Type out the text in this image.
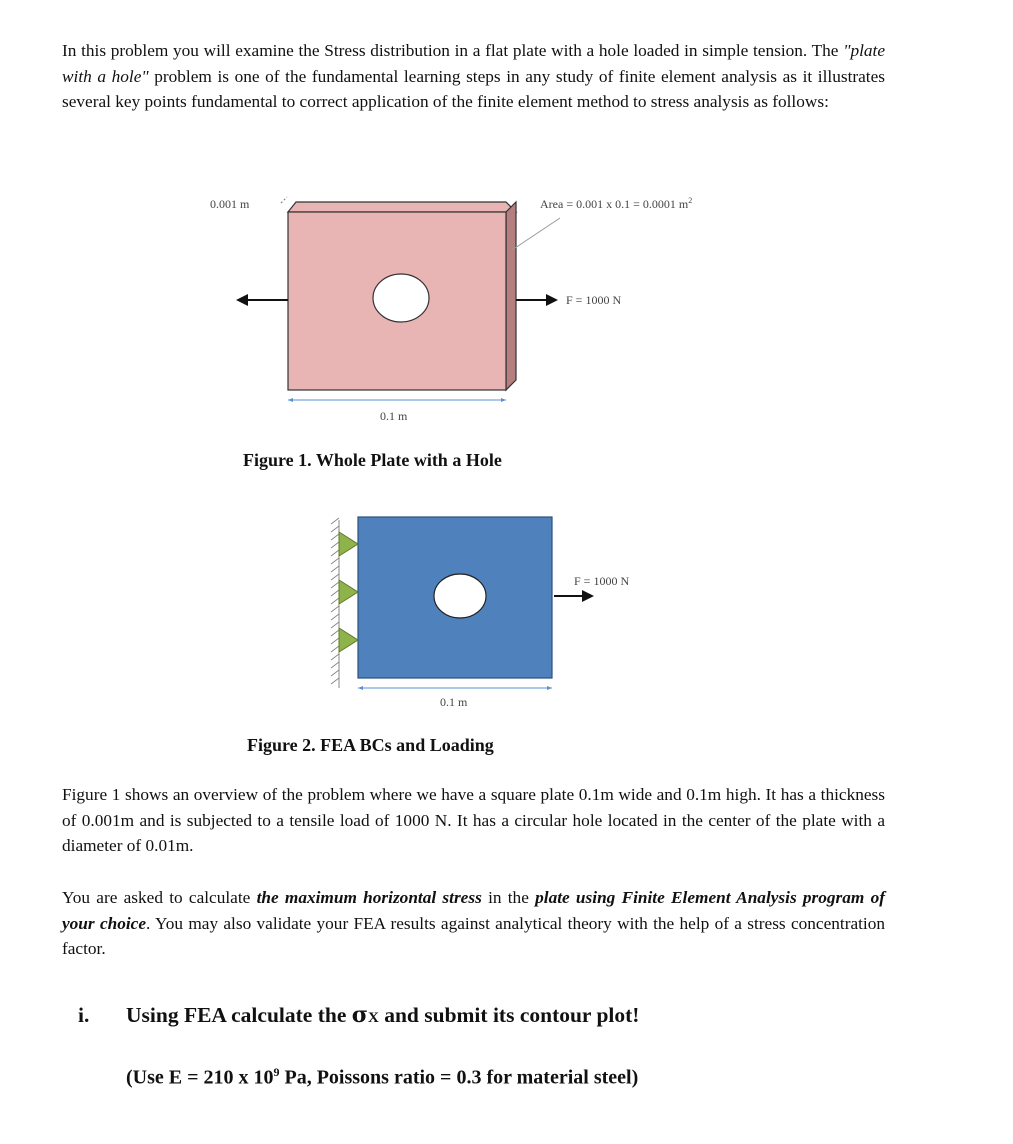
In this problem you will examine the Stress distribution in a flat plate with a hole loaded in simple tension. The "plate with a hole" problem is one of the fundamental learning steps in any study of finite element analysis as it illustrates several key points fundamental to correct application of the finite element method to stress analysis as follows:

0.001 m	Area = 0.001 x 0.1 = 0.0001 $m^2$
F = 1000 N
0.1 m
Figure 1. Whole Plate with a Hole
F = 1000 N
0.1 m
Figure 2. FEA BCs and Loading

Figure 1 shows an overview of the problem where we have a square plate 0.1m wide and 0.1m high. It has a thickness of 0.001m and is subjected to a tensile load of 1000 N. It has a circular hole located in the center of the plate with a diameter of 0.01m.

You are asked to calculate the maximum horizontal stress in the plate using Finite Element Analysis program of your choice. You may also validate your FEA results against analytical theory with the help of a stress concentration factor.

i. Using FEA calculate the σX and submit its contour plot!
(Use E = 210 x $10^9$ Pa, Poissons ratio = 0.3 for material steel)
